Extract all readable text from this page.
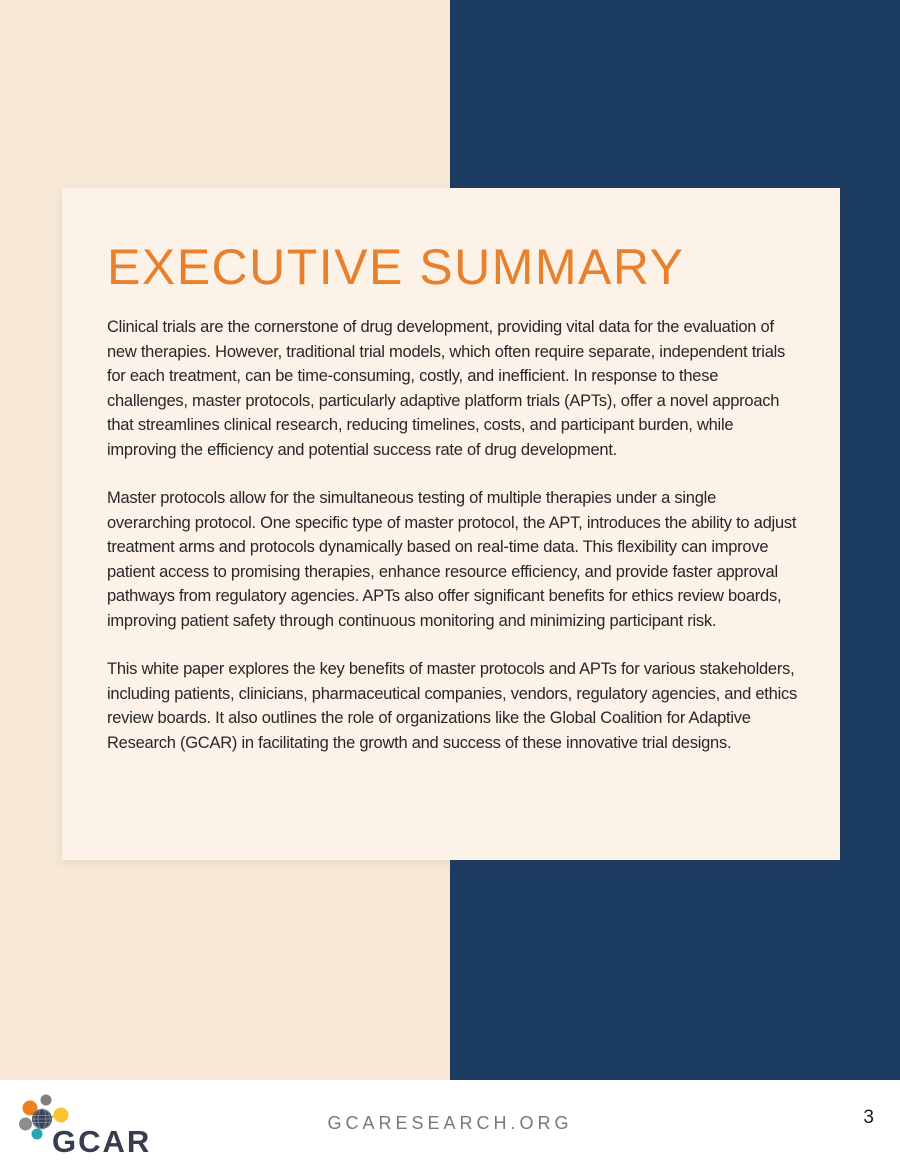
EXECUTIVE SUMMARY

Clinical trials are the cornerstone of drug development, providing vital data for the evaluation of new therapies. However, traditional trial models, which often require separate, independent trials for each treatment, can be time-consuming, costly, and inefficient. In response to these challenges, master protocols, particularly adaptive platform trials (APTs), offer a novel approach that streamlines clinical research, reducing timelines, costs, and participant burden, while improving the efficiency and potential success rate of drug development.

Master protocols allow for the simultaneous testing of multiple therapies under a single overarching protocol. One specific type of master protocol, the APT, introduces the ability to adjust treatment arms and protocols dynamically based on real-time data. This flexibility can improve patient access to promising therapies, enhance resource efficiency, and provide faster approval pathways from regulatory agencies. APTs also offer significant benefits for ethics review boards, improving patient safety through continuous monitoring and minimizing participant risk.

This white paper explores the key benefits of master protocols and APTs for various stakeholders, including patients, clinicians, pharmaceutical companies, vendors, regulatory agencies, and ethics review boards. It also outlines the role of organizations like the Global Coalition for Adaptive Research (GCAR) in facilitating the growth and success of these innovative trial designs.

GCAR
GCARESEARCH.ORG	3
